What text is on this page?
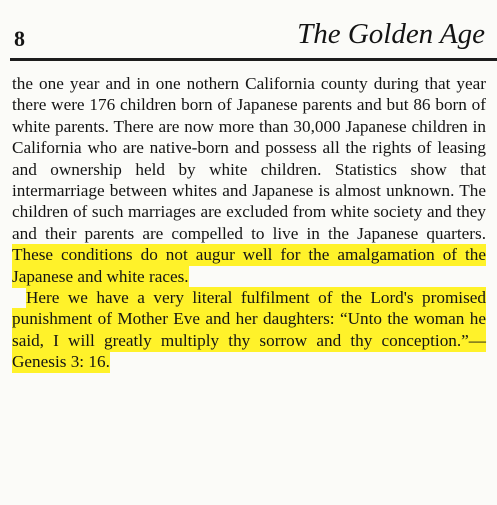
8	The Golden Age

the one year and in one nothern California county during that year there were 176 children born of Japanese parents and but 86 born of white parents. There are now more than 30,000 Japanese children in California who are native-born and possess all the rights of leasing and ownership held by white children. Statistics show that intermarriage between whites and Japanese is almost unknown. The children of such marriages are excluded from white society and they and their parents are compelled to live in the Japanese quarters. These conditions do not augur well for the amalgamation of the Japanese and white races.

Here we have a very literal fulfilment of the Lord's promised punishment of Mother Eve and her daughters: “Unto the woman he said, I will greatly multiply thy sorrow and thy conception.”—Genesis 3: 16.
